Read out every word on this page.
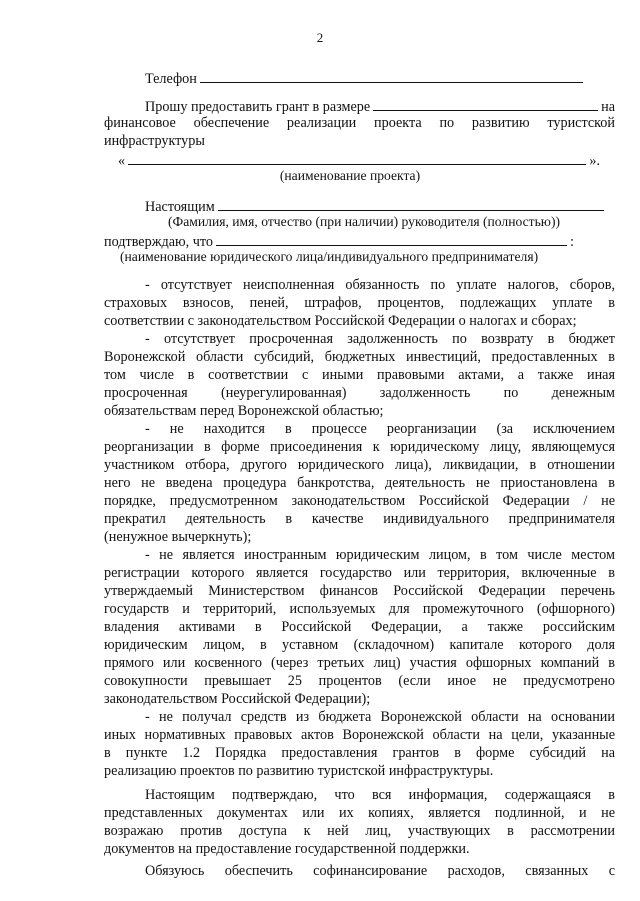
2
Телефон
Прошу предоставить грант в размере	на
финансовое обеспечение реализации проекта по развитию туристской
инфраструктуры
«	».
(наименование проекта)
Настоящим
(Фамилия, имя, отчество (при наличии) руководителя (полностью))
подтверждаю, что	:
(наименование юридического лица/индивидуального предпринимателя)
- отсутствует неисполненная обязанность по уплате налогов, сборов,
страховых взносов, пеней, штрафов, процентов, подлежащих уплате в
соответствии с законодательством Российской Федерации о налогах и сборах;
- отсутствует просроченная задолженность по возврату в бюджет
Воронежской области субсидий, бюджетных инвестиций, предоставленных в
том числе в соответствии с иными правовыми актами, а также иная
просроченная (неурегулированная) задолженность по денежным
обязательствам перед Воронежской областью;
- не находится в процессе реорганизации (за исключением
реорганизации в форме присоединения к юридическому лицу, являющемуся
участником отбора, другого юридического лица), ликвидации, в отношении
него не введена процедура банкротства, деятельность не приостановлена в
порядке, предусмотренном законодательством Российской Федерации / не
прекратил деятельность в качестве индивидуального предпринимателя
(ненужное вычеркнуть);
- не является иностранным юридическим лицом, в том числе местом
регистрации которого является государство или территория, включенные в
утверждаемый Министерством финансов Российской Федерации перечень
государств и территорий, используемых для промежуточного (офшорного)
владения активами в Российской Федерации, а также российским
юридическим лицом, в уставном (складочном) капитале которого доля
прямого или косвенного (через третьих лиц) участия офшорных компаний в
совокупности превышает 25 процентов (если иное не предусмотрено
законодательством Российской Федерации);
- не получал средств из бюджета Воронежской области на основании
иных нормативных правовых актов Воронежской области на цели, указанные
в пункте 1.2 Порядка предоставления грантов в форме субсидий на
реализацию проектов по развитию туристской инфраструктуры.
Настоящим подтверждаю, что вся информация, содержащаяся в
представленных документах или их копиях, является подлинной, и не
возражаю против доступа к ней лиц, участвующих в рассмотрении
документов на предоставление государственной поддержки.
Обязуюсь обеспечить софинансирование расходов, связанных с
